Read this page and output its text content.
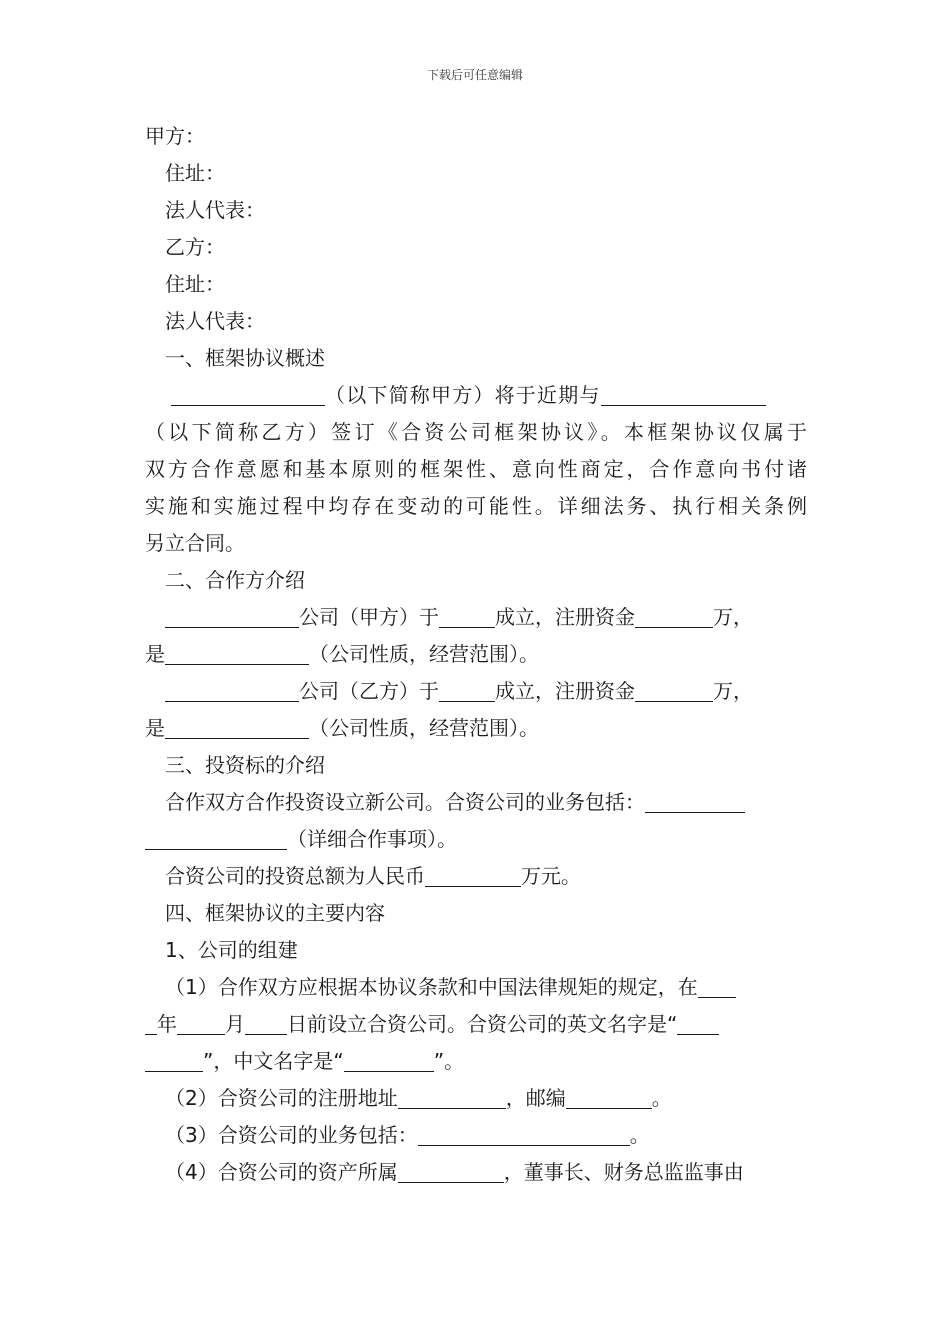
下载后可任意编辑
甲方：
住址：
法人代表：
乙方：
住址：
法人代表：
一、框架协议概述
（以下简称甲方）将于近期与
（以下简称乙方）签订《合资公司框架协议》。本框架协议仅属于
双方合作意愿和基本原则的框架性、意向性商定，合作意向书付诸
实施和实施过程中均存在变动的可能性。详细法务、执行相关条例
另立合同。
二、合作方介绍
公司（甲方）于	成立，注册资金	万，
是	（公司性质，经营范围）。
公司（乙方）于	成立，注册资金	万，
是	（公司性质，经营范围）。
三、投资标的介绍
合作双方合作投资设立新公司。合资公司的业务包括：
（详细合作事项）。
合资公司的投资总额为人民币	万元。
四、框架协议的主要内容
1、公司的组建
（1）合作双方应根据本协议条款和中国法律规矩的规定，在
年 月 日前设立合资公司。合资公司的英文名字是“
”，中文名字是“	”。
（2）合资公司的注册地址	，邮编	。
（3）合资公司的业务包括：	。
（4）合资公司的资产所属	，董事长、财务总监监事由
